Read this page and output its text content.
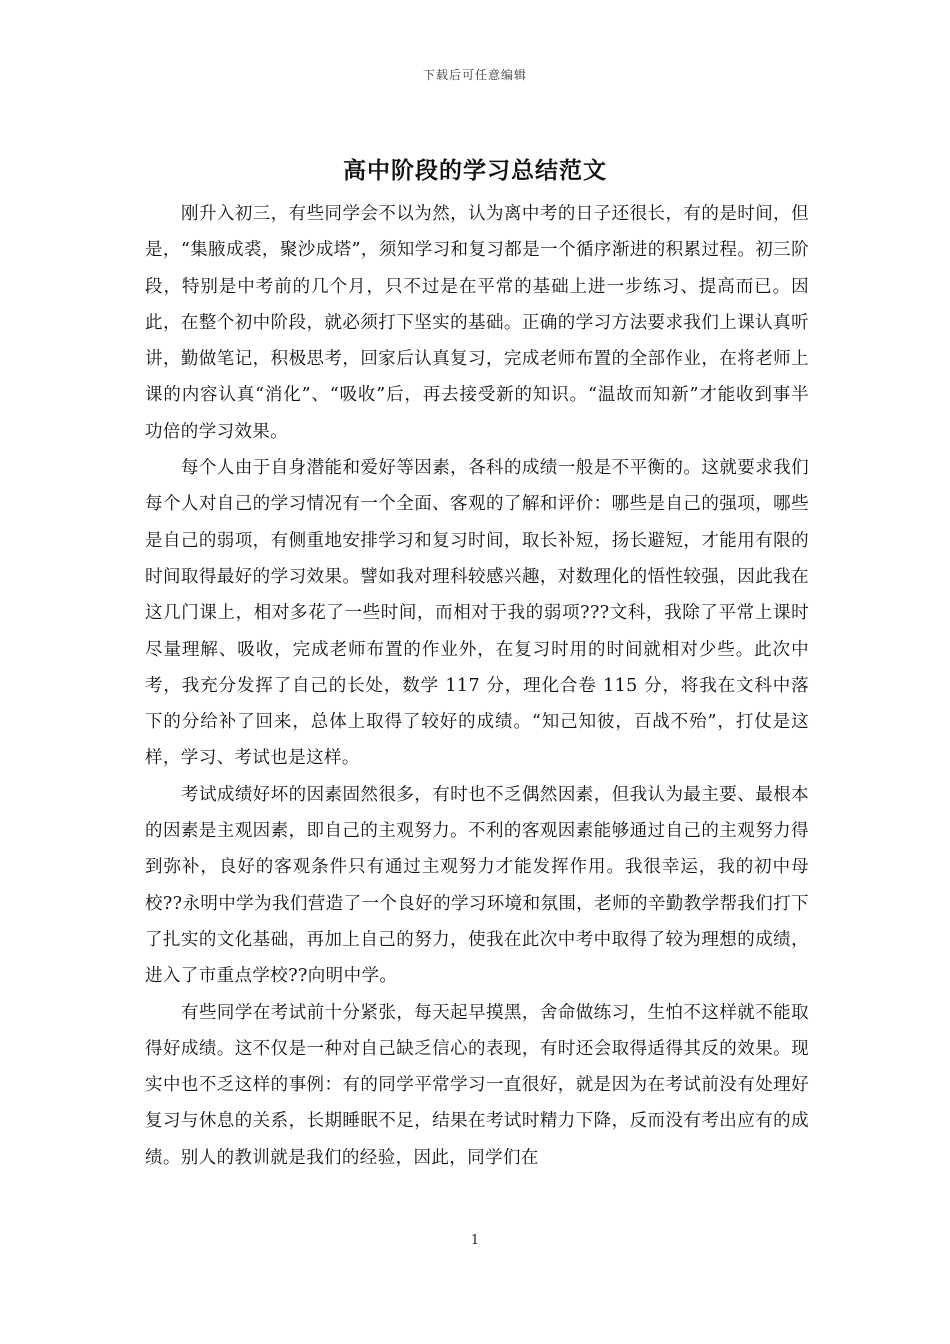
下载后可任意编辑
高中阶段的学习总结范文

刚升入初三，有些同学会不以为然，认为离中考的日子还很长，有的是时间，但是，“集腋成裘，聚沙成塔”，须知学习和复习都是一个循序渐进的积累过程。初三阶段，特别是中考前的几个月，只不过是在平常的基础上进一步练习、提高而已。因此，在整个初中阶段，就必须打下坚实的基础。正确的学习方法要求我们上课认真听讲，勤做笔记，积极思考，回家后认真复习，完成老师布置的全部作业，在将老师上课的内容认真“消化”、“吸收”后，再去接受新的知识。“温故而知新”才能收到事半功倍的学习效果。

每个人由于自身潜能和爱好等因素，各科的成绩一般是不平衡的。这就要求我们每个人对自己的学习情况有一个全面、客观的了解和评价：哪些是自己的强项，哪些是自己的弱项，有侧重地安排学习和复习时间，取长补短，扬长避短，才能用有限的时间取得最好的学习效果。譬如我对理科较感兴趣，对数理化的悟性较强，因此我在这几门课上，相对多花了一些时间，而相对于我的弱项???文科，我除了平常上课时尽量理解、吸收，完成老师布置的作业外，在复习时用的时间就相对少些。此次中考，我充分发挥了自己的长处，数学 117 分，理化合卷 115 分，将我在文科中落下的分给补了回来，总体上取得了较好的成绩。“知己知彼，百战不殆”，打仗是这样，学习、考试也是这样。

考试成绩好坏的因素固然很多，有时也不乏偶然因素，但我认为最主要、最根本的因素是主观因素，即自己的主观努力。不利的客观因素能够通过自己的主观努力得到弥补，良好的客观条件只有通过主观努力才能发挥作用。我很幸运，我的初中母校??永明中学为我们营造了一个良好的学习环境和氛围，老师的辛勤教学帮我们打下了扎实的文化基础，再加上自己的努力，使我在此次中考中取得了较为理想的成绩，进入了市重点学校??向明中学。

有些同学在考试前十分紧张，每天起早摸黑，舍命做练习，生怕不这样就不能取得好成绩。这不仅是一种对自己缺乏信心的表现，有时还会取得适得其反的效果。现实中也不乏这样的事例：有的同学平常学习一直很好，就是因为在考试前没有处理好复习与休息的关系，长期睡眠不足，结果在考试时精力下降，反而没有考出应有的成绩。别人的教训就是我们的经验，因此，同学们在

1
